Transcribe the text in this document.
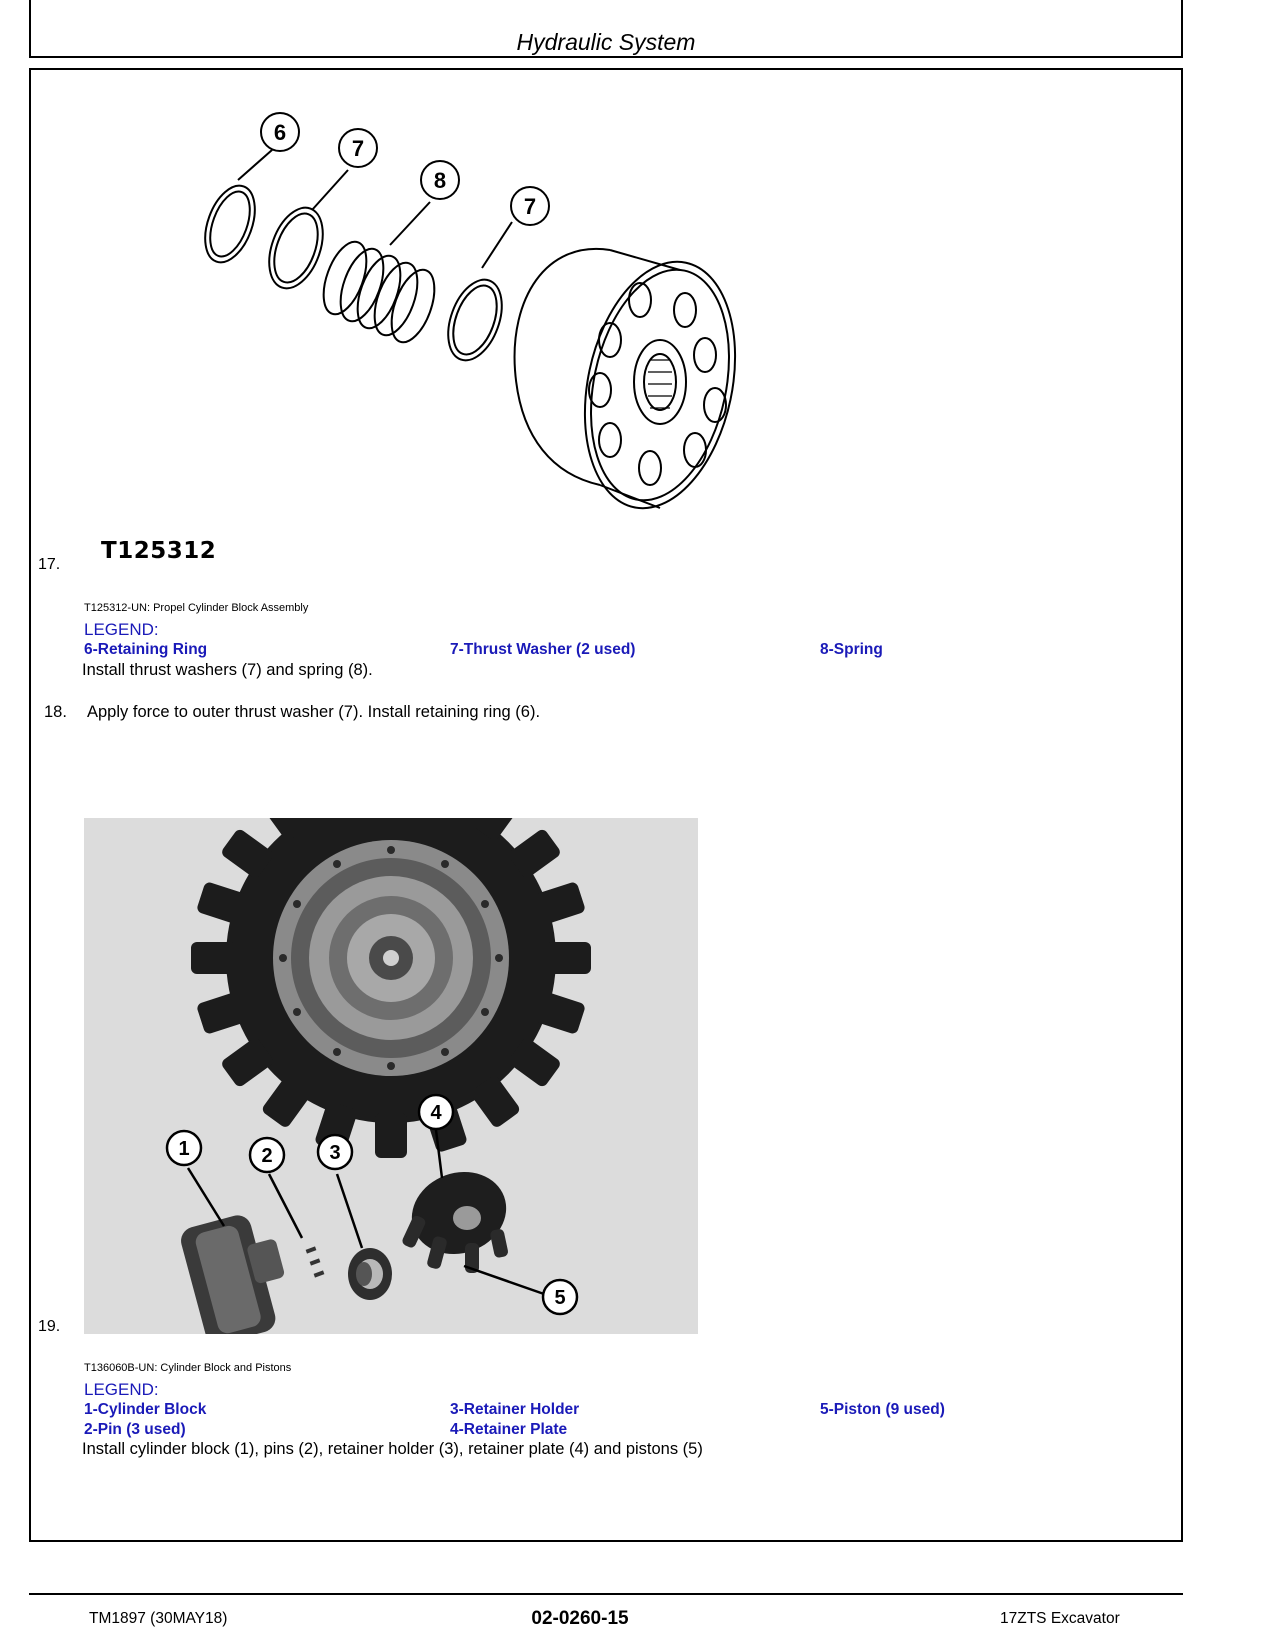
Hydraulic System
6
7
8
7
17.
T125312
T125312-UN: Propel Cylinder Block Assembly
LEGEND:
6-Retaining Ring	7-Thrust Washer (2 used)	8-Spring
Install thrust washers (7) and spring (8).
18. Apply force to outer thrust washer (7). Install retaining ring (6).
1	2	3
4
5
19.
T136060B-UN: Cylinder Block and Pistons
LEGEND:
1-Cylinder Block	3-Retainer Holder	5-Piston (9 used)
2-Pin (3 used)	4-Retainer Plate
Install cylinder block (1), pins (2), retainer holder (3), retainer plate (4) and pistons (5)
TM1897 (30MAY18)	02-0260-15	17ZTS Excavator
